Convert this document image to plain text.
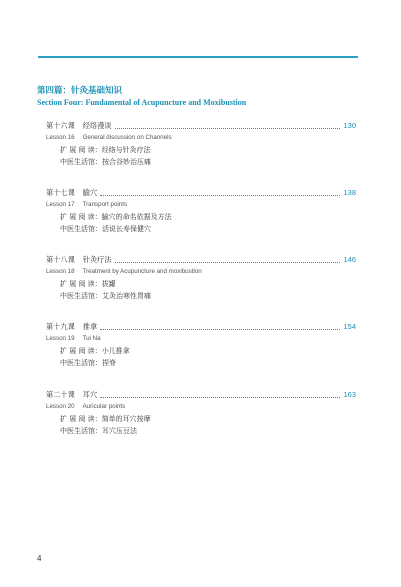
第四篇：针灸基础知识
Section Four: Fundamental of Acupuncture and Moxibustion
第十六课 经络漫谈	130
Lesson 16 General discussion on Channels
扩 展 阅 读：经络与针灸疗法
中医生活馆：按合谷妙治压痛
第十七课 腧穴	138
Lesson 17 Transport points
扩 展 阅 读：腧穴的命名依据及方法
中医生活馆：活说长寿保健穴
第十八课 针灸疗法	146
Lesson 18 Treatment by Acupuncture and moxibustion
扩 展 阅 读：拔罐
中医生活馆：艾灸治寒性胃痛
第十九课 推拿	154
Lesson 19 Tui Na
扩 展 阅 读：小儿推拿
中医生活馆：捏脊
第二十课 耳穴	163
Lesson 20 Auricular points
扩 展 阅 读：简单的耳穴按摩
中医生活馆：耳穴压豆法
4
